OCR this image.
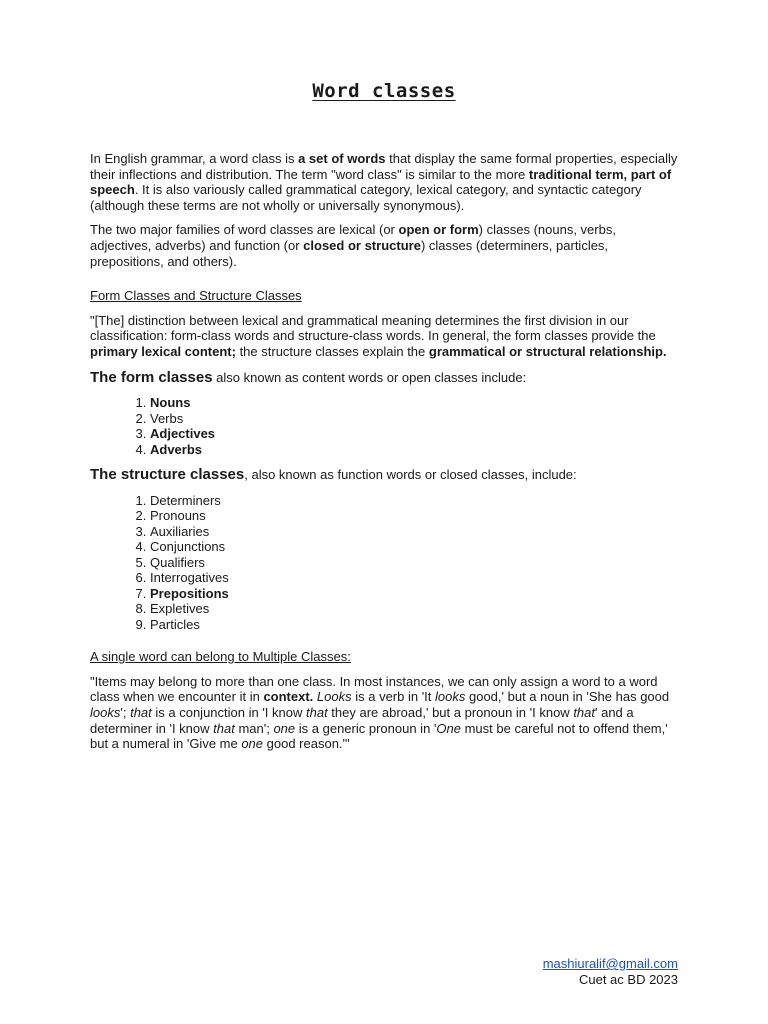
Word classes

In English grammar, a word class is a set of words that display the same formal properties, especially their inflections and distribution. The term "word class" is similar to the more traditional term, part of speech. It is also variously called grammatical category, lexical category, and syntactic category (although these terms are not wholly or universally synonymous).

The two major families of word classes are lexical (or open or form) classes (nouns, verbs, adjectives, adverbs) and function (or closed or structure) classes (determiners, particles, prepositions, and others).

Form Classes and Structure Classes

"[The] distinction between lexical and grammatical meaning determines the first division in our classification: form-class words and structure-class words. In general, the form classes provide the primary lexical content; the structure classes explain the grammatical or structural relationship.

The form classes also known as content words or open classes include:

1. Nouns
2. Verbs
3. Adjectives
4. Adverbs

The structure classes, also known as function words or closed classes, include:

1. Determiners
2. Pronouns
3. Auxiliaries
4. Conjunctions
5. Qualifiers
6. Interrogatives
7. Prepositions
8. Expletives
9. Particles

A single word can belong to Multiple Classes:

"Items may belong to more than one class. In most instances, we can only assign a word to a word class when we encounter it in context. Looks is a verb in 'It looks good,' but a noun in 'She has good looks'; that is a conjunction in 'I know that they are abroad,' but a pronoun in 'I know that' and a determiner in 'I know that man'; one is a generic pronoun in 'One must be careful not to offend them,' but a numeral in 'Give me one good reason.'"

mashiuralif@gmail.com
Cuet ac BD 2023
